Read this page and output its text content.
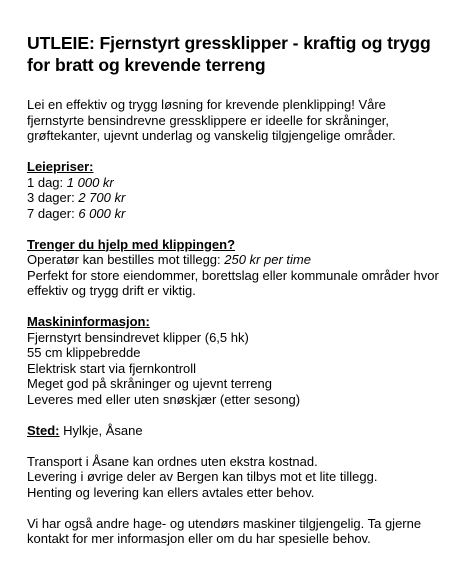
UTLEIE: Fjernstyrt gressklipper - kraftig og trygg for bratt og krevende terreng

Lei en effektiv og trygg løsning for krevende plenklipping! Våre fjernstyrte bensindrevne gressklippere er ideelle for skråninger, grøftekanter, ujevnt underlag og vanskelig tilgjengelige områder.

Leiepriser:
1 dag: 1 000 kr
3 dager: 2 700 kr
7 dager: 6 000 kr
Trenger du hjelp med klippingen?
Operatør kan bestilles mot tillegg: 250 kr per time
Perfekt for store eiendommer, borettslag eller kommunale områder hvor effektiv og trygg drift er viktig.
Maskininformasjon:
Fjernstyrt bensindrevet klipper (6,5 hk)
55 cm klippebredde
Elektrisk start via fjernkontroll
Meget god på skråninger og ujevnt terreng
Leveres med eller uten snøskjær (etter sesong)
Sted: Hylkje, Åsane
Transport i Åsane kan ordnes uten ekstra kostnad.
Levering i øvrige deler av Bergen kan tilbys mot et lite tillegg.
Henting og levering kan ellers avtales etter behov.

Vi har også andre hage- og utendørs maskiner tilgjengelig. Ta gjerne kontakt for mer informasjon eller om du har spesielle behov.
